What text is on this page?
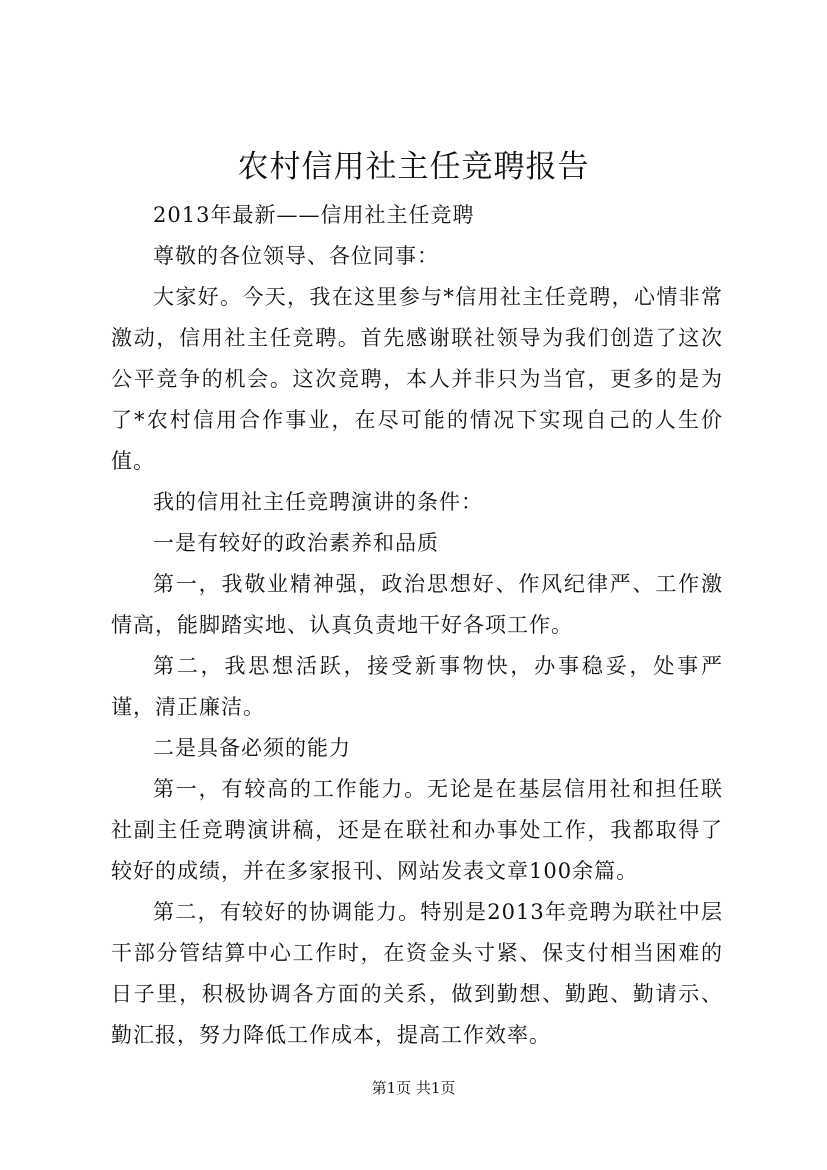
农村信用社主任竞聘报告

2013年最新——信用社主任竞聘

尊敬的各位领导、各位同事：

大家好。今天，我在这里参与*信用社主任竞聘，心情非常激动，信用社主任竞聘。首先感谢联社领导为我们创造了这次公平竞争的机会。这次竞聘，本人并非只为当官，更多的是为了*农村信用合作事业，在尽可能的情况下实现自己的人生价值。

我的信用社主任竞聘演讲的条件：

一是有较好的政治素养和品质

第一，我敬业精神强，政治思想好、作风纪律严、工作激情高，能脚踏实地、认真负责地干好各项工作。

第二，我思想活跃，接受新事物快，办事稳妥，处事严谨，清正廉洁。

二是具备必须的能力

第一，有较高的工作能力。无论是在基层信用社和担任联社副主任竞聘演讲稿，还是在联社和办事处工作，我都取得了较好的成绩，并在多家报刊、网站发表文章100余篇。

第二，有较好的协调能力。特别是2013年竞聘为联社中层干部分管结算中心工作时，在资金头寸紧、保支付相当困难的日子里，积极协调各方面的关系，做到勤想、勤跑、勤请示、勤汇报，努力降低工作成本，提高工作效率。

第1页 共1页
